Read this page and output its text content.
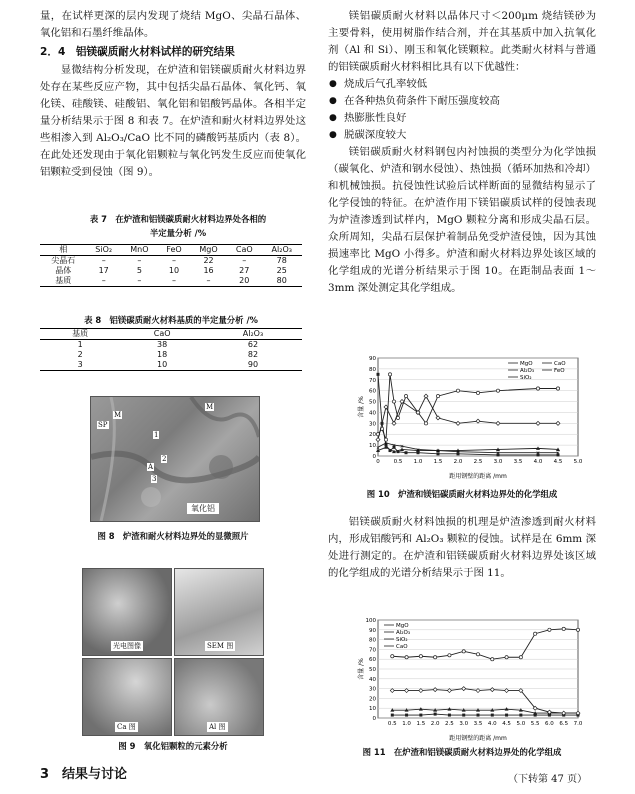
量，在试样更深的层内发现了烧结 MgO、尖晶石晶体、氧化铝和石墨纤维晶体。

2．4　铝镁碳质耐火材料试样的研究结果

显微结构分析发现，在炉渣和铝镁碳质耐火材料边界处存在某些反应产物，其中包括尖晶石晶体、氧化钙、氧化镁、硅酸镁、硅酸铝、氧化铝和铝酸钙晶体。各相半定量分析结果示于图 8 和表 7。在炉渣和耐火材料边界处这些相渗入到 Al₂O₃/CaO 比不同的磷酸钙基质内（表 8）。在此处还发现由于氧化铝颗粒与氧化钙发生反应而使氧化铝颗粒受到侵蚀（图 9）。

表 7　在炉渣和铝镁碳质耐火材料边界处各相的半定量分析 /%
相	SiO₂	MnO	FeO	MgO	CaO	Al₂O₃
尖晶石	–	–	–	22	–	78
晶体	17	5	10	16	27	25
基质	–	–	–	–	20	80
表 8　铝镁碳质耐火材料基质的半定量分析 /%
基质	CaO	Al₂O₃
1	38	62
2	18	82
3	10	90
M
SP
M
1
3
2
A
氧化铝
图 8　炉渣和耐火材料边界处的显微照片
光电图像	SEM 图
Ca 图	Al 图
图 9　氧化铝颗粒的元素分析
3　结果与讨论

镁铝碳质耐火材料以晶体尺寸＜200μm 烧结镁砂为主要骨料，使用树脂作结合剂，并在其基质中加入抗氧化剂（Al 和 Si）、刚玉和氧化镁颗粒。此类耐火材料与普通的铝镁碳质耐火材料相比具有以下优越性：

● 烧成后气孔率较低
● 在各种热负荷条件下耐压强度较高
● 热膨胀性良好
● 脱碳深度较大

镁铝碳质耐火材料钢包内衬蚀损的类型分为化学蚀损（碳氧化、炉渣和钢水侵蚀）、热蚀损（循环加热和冷却）和机械蚀损。抗侵蚀性试验后试样断面的显微结构显示了化学侵蚀的特征。在炉渣作用下镁铝碳质试样的侵蚀表现为炉渣渗透到试样内，MgO 颗粒分离和形成尖晶石层。众所周知，尖晶石层保护着制品免受炉渣侵蚀，因为其蚀损速率比 MgO 小得多。炉渣和耐火材料边界处该区域的化学组成的光谱分析结果示于图 10。在距制品表面 1～3mm 深处测定其化学组成。

0
10
20
30
40
50
60
70
80
90
0	0.5 1.0 1.5 2.0 2.5 3.0 3.5 4.0 4.5 5.0
距用钢壁的距离 /mm
含量 /%
MgO
Al₂O₃
SiO₂
CaO
×
× × ×
×	×	×	×	×	×
FeO
图 10　炉渣和镁铝碳质耐火材料边界处的化学组成

铝镁碳质耐火材料蚀损的机理是炉渣渗透到耐火材料内，形成铝酸钙和 Al₂O₃ 颗粒的侵蚀。试样是在 6mm 深处进行测定的。在炉渣和铝镁碳质耐火材料边界处该区域的化学组成的光谱分析结果示于图 11。

0
10
20
30
40
50
60
70
80
90
100
0.5 1.0 1.5 2.0 2.5 3.0 3.5 4.0 4.5 5.0 5.5 6.0 6.5 7.0
距用钢壁的距离 /mm
含量 /%
MgO
Al₂O₃
SiO₂
CaO
图 11　在炉渣和铝镁碳质耐火材料边界处的化学组成
（下转第 47 页）
